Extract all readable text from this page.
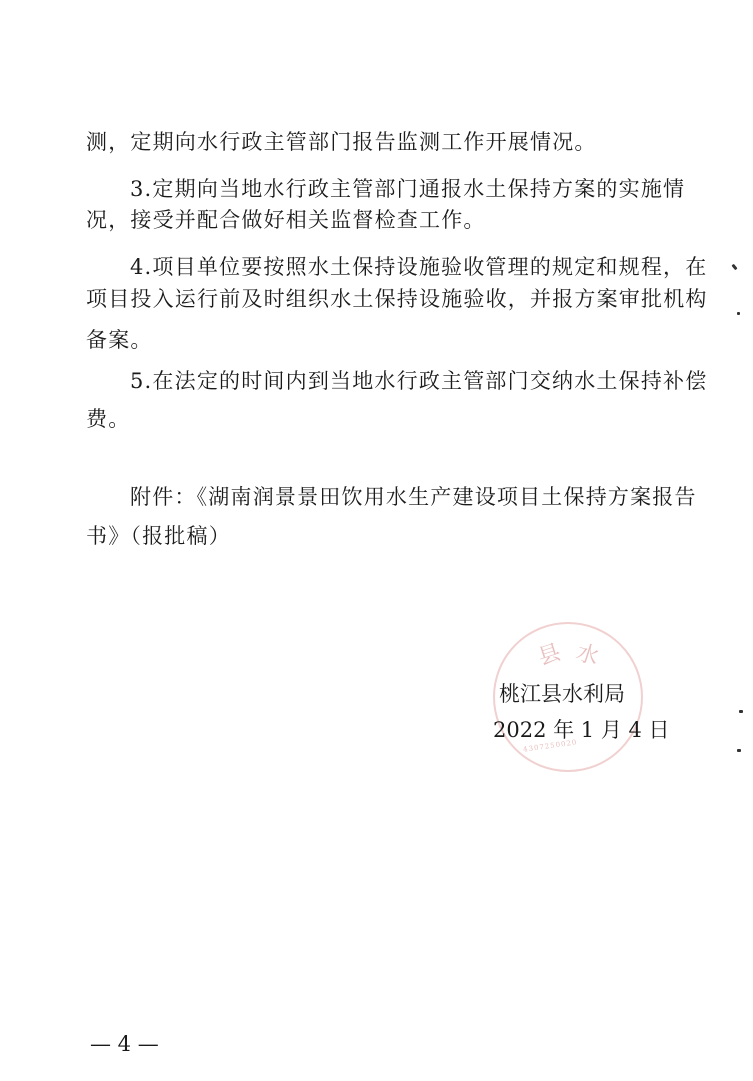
测，定期向水行政主管部门报告监测工作开展情况。
3.定期向当地水行政主管部门通报水土保持方案的实施情
况，接受并配合做好相关监督检查工作。
4.项目单位要按照水土保持设施验收管理的规定和规程，在
项目投入运行前及时组织水土保持设施验收，并报方案审批机构
备案。
5.在法定的时间内到当地水行政主管部门交纳水土保持补偿
费。
附件：《湖南润景景田饮用水生产建设项目土保持方案报告
书》（报批稿）
县 水
4307250020
桃江县水利局
2022 年 1 月 4 日
— 4 —
